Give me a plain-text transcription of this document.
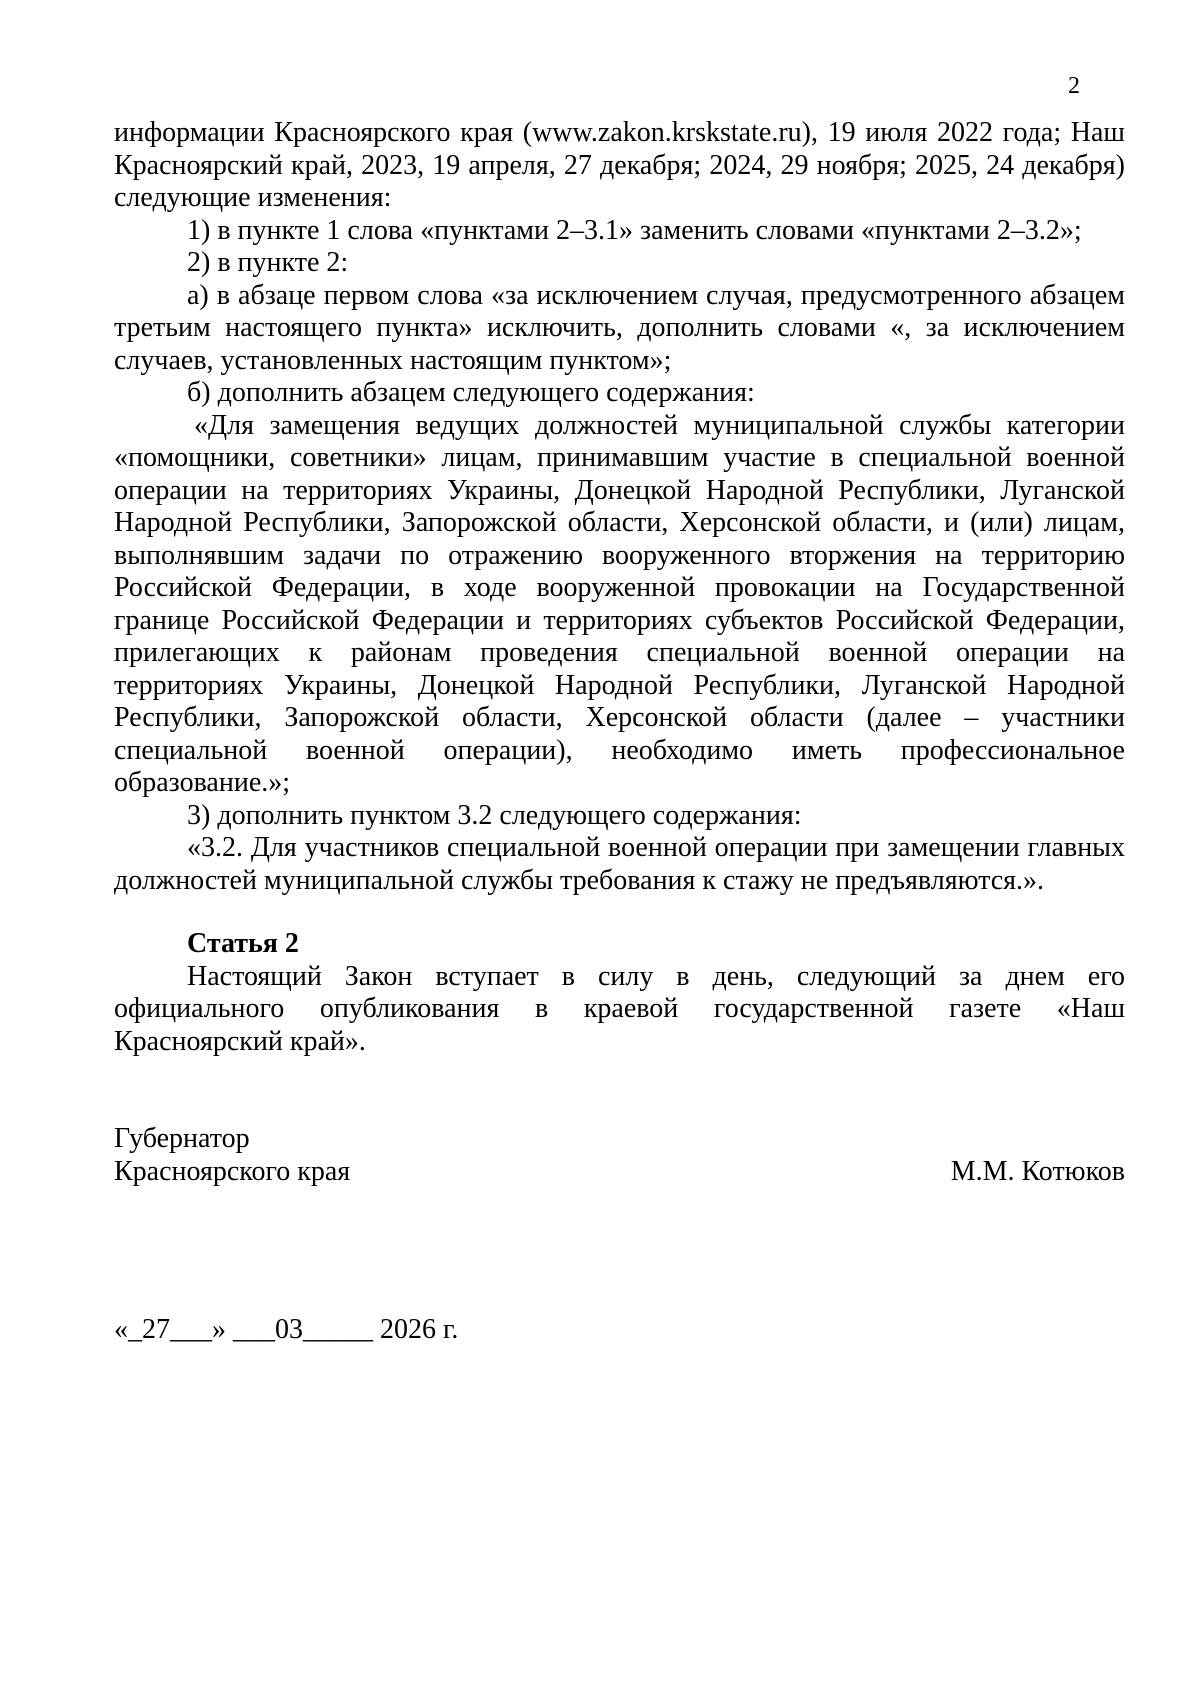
2

информации Красноярского края (www.zakon.krskstate.ru), 19 июля 2022 года; Наш Красноярский край, 2023, 19 апреля, 27 декабря; 2024, 29 ноября; 2025, 24 декабря) следующие изменения:

1) в пункте 1 слова «пунктами 2–3.1» заменить словами «пунктами 2–3.2»;

2) в пункте 2:

а) в абзаце первом слова «за исключением случая, предусмотренного абзацем третьим настоящего пункта» исключить, дополнить словами «, за исключением случаев, установленных настоящим пунктом»;

б) дополнить абзацем следующего содержания:

«Для замещения ведущих должностей муниципальной службы категории «помощники, советники» лицам, принимавшим участие в специальной военной операции на территориях Украины, Донецкой Народной Республики, Луганской Народной Республики, Запорожской области, Херсонской области, и (или) лицам, выполнявшим задачи по отражению вооруженного вторжения на территорию Российской Федерации, в ходе вооруженной провокации на Государственной границе Российской Федерации и территориях субъектов Российской Федерации, прилегающих к районам проведения специальной военной операции на территориях Украины, Донецкой Народной Республики, Луганской Народной Республики, Запорожской области, Херсонской области (далее – участники специальной военной операции), необходимо иметь профессиональное образование.»;

3) дополнить пунктом 3.2 следующего содержания:

«3.2. Для участников специальной военной операции при замещении главных должностей муниципальной службы требования к стажу не предъявляются.».

Статья 2

Настоящий Закон вступает в силу в день, следующий за днем его официального опубликования в краевой государственной газете «Наш Красноярский край».

Губернатор

Красноярского края	М.М. Котюков

«_27___» ___03_____ 2026 г.
